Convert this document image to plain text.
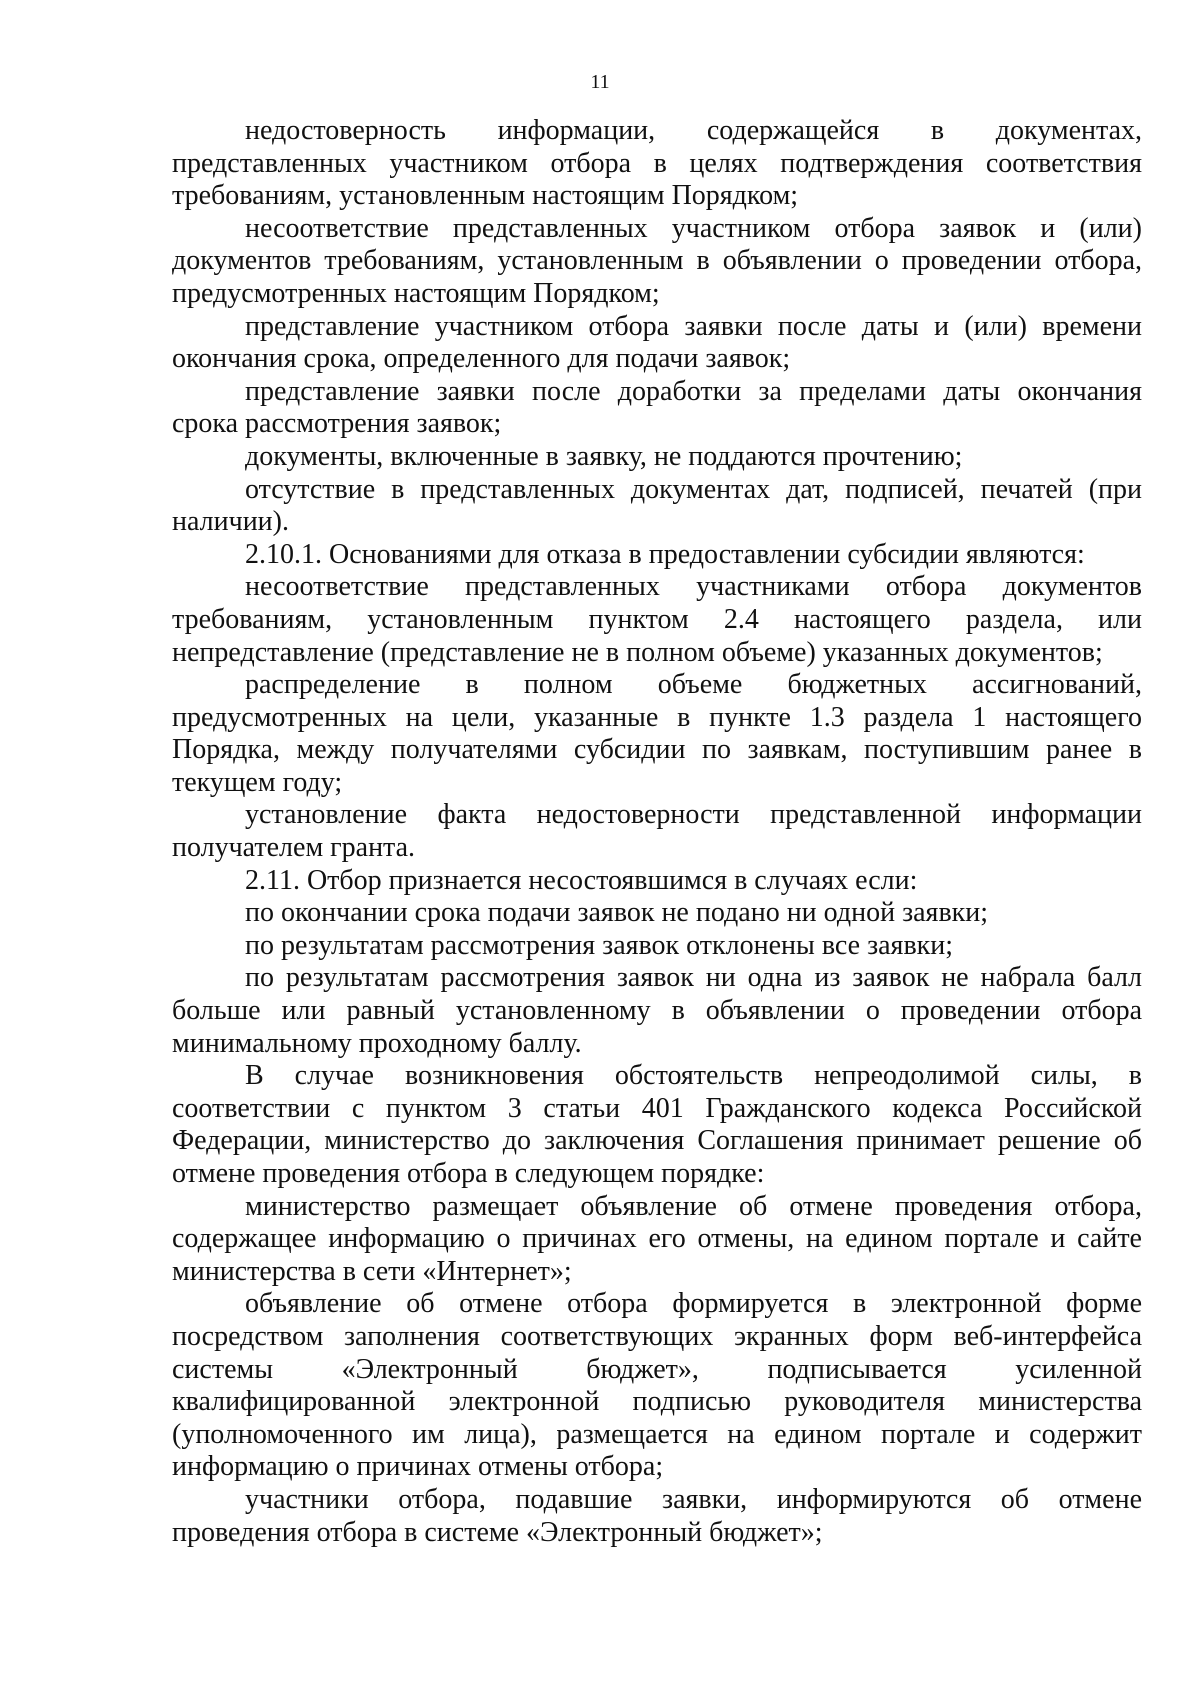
11

недостоверность информации, содержащейся в документах, представленных участником отбора в целях подтверждения соответствия требованиям, установленным настоящим Порядком;

несоответствие представленных участником отбора заявок и (или) документов требованиям, установленным в объявлении о проведении отбора, предусмотренных настоящим Порядком;

представление участником отбора заявки после даты и (или) времени окончания срока, определенного для подачи заявок;

представление заявки после доработки за пределами даты окончания срока рассмотрения заявок;

документы, включенные в заявку, не поддаются прочтению;

отсутствие в представленных документах дат, подписей, печатей (при наличии).

2.10.1. Основаниями для отказа в предоставлении субсидии являются:

несоответствие представленных участниками отбора документов требованиям, установленным пунктом 2.4 настоящего раздела, или непредставление (представление не в полном объеме) указанных документов;

распределение в полном объеме бюджетных ассигнований, предусмотренных на цели, указанные в пункте 1.3 раздела 1 настоящего Порядка, между получателями субсидии по заявкам, поступившим ранее в текущем году;

установление факта недостоверности представленной информации получателем гранта.

2.11. Отбор признается несостоявшимся в случаях если:

по окончании срока подачи заявок не подано ни одной заявки;

по результатам рассмотрения заявок отклонены все заявки;

по результатам рассмотрения заявок ни одна из заявок не набрала балл больше или равный установленному в объявлении о проведении отбора минимальному проходному баллу.

В случае возникновения обстоятельств непреодолимой силы, в соответствии с пунктом 3 статьи 401 Гражданского кодекса Российской Федерации, министерство до заключения Соглашения принимает решение об отмене проведения отбора в следующем порядке:

министерство размещает объявление об отмене проведения отбора, содержащее информацию о причинах его отмены, на едином портале и сайте министерства в сети «Интернет»;

объявление об отмене отбора формируется в электронной форме посредством заполнения соответствующих экранных форм веб-интерфейса системы «Электронный бюджет», подписывается усиленной квалифицированной электронной подписью руководителя министерства (уполномоченного им лица), размещается на едином портале и содержит информацию о причинах отмены отбора;

участники отбора, подавшие заявки, информируются об отмене проведения отбора в системе «Электронный бюджет»;
